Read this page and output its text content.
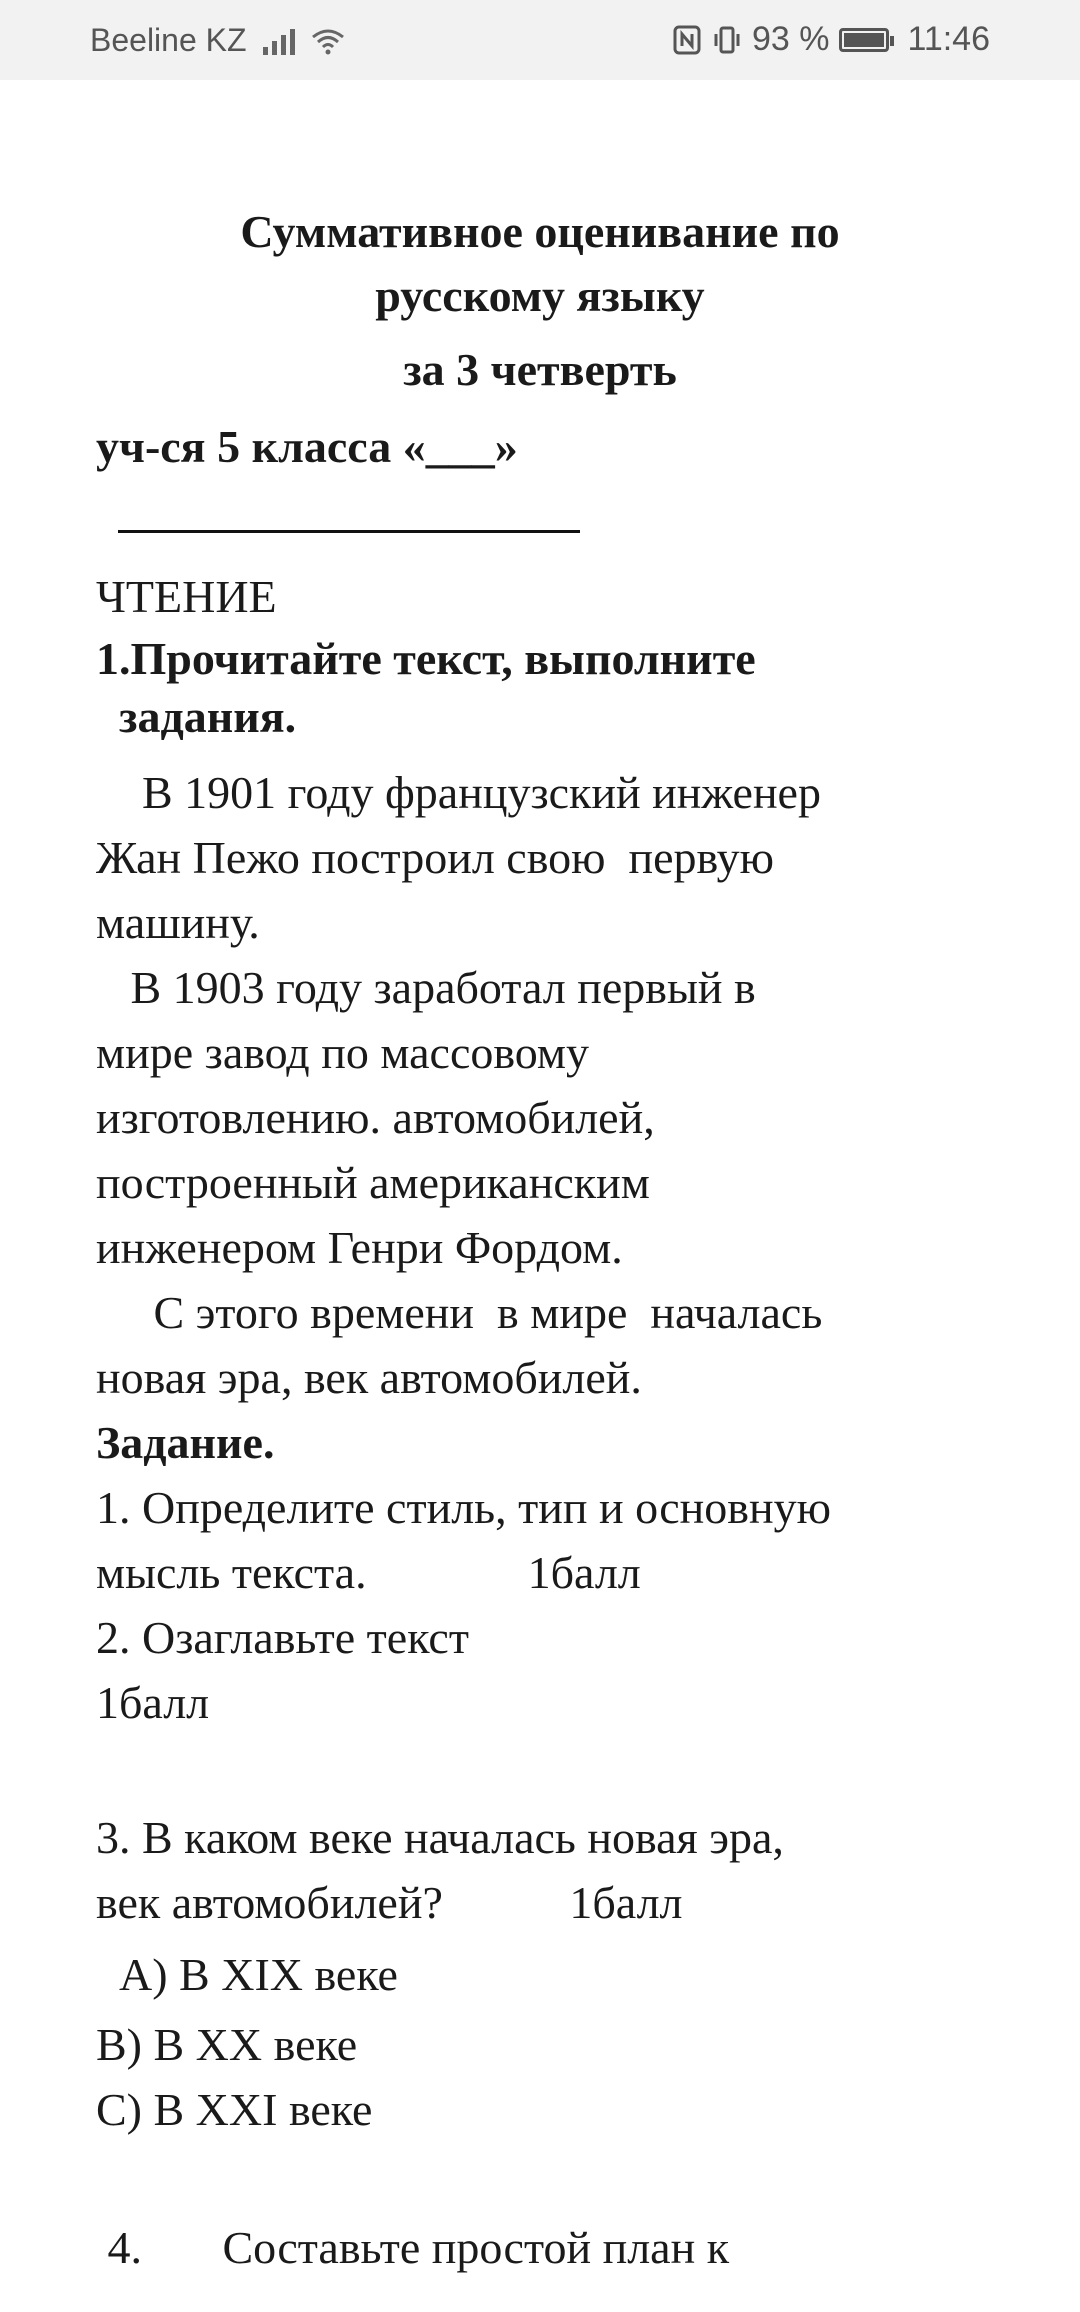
Beeline KZ	93 % 11:46
Суммативное оценивание по
русскому языку
за 3 четверть
уч-ся 5 класса «___»
ЧТЕНИЕ
1.Прочитайте текст, выполните
задания.
В 1901 году французский инженер
Жан Пежо построил свою  первую
машину.
В 1903 году заработал первый в
мире завод по массовому
изготовлению. автомобилей,
построенный американским
инженером Генри Фордом.
С этого времени  в мире  началась
новая эра, век автомобилей.
Задание.
1. Определите стиль, тип и основную
мысль текста.              1балл
2. Озаглавьте текст
1балл
3. В каком веке началась новая эра,
век автомобилей?           1балл
А) В XIX веке
В) В XX веке
С) В XXI веке
4.       Составьте простой план к
